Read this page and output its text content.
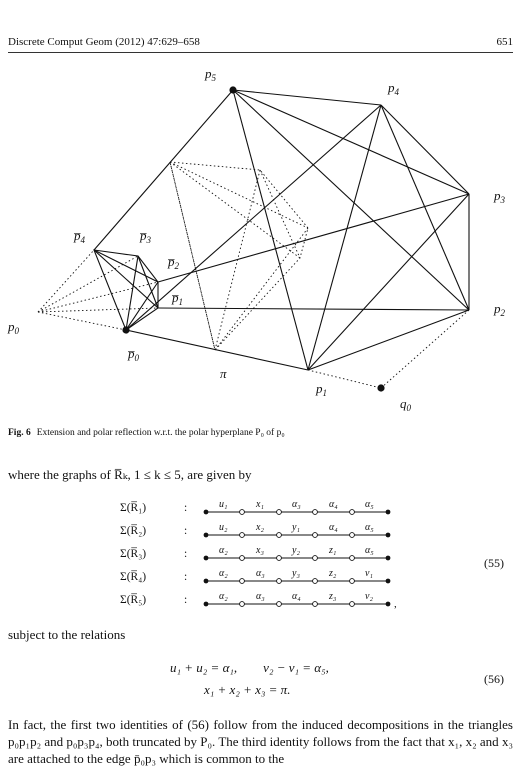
Discrete Comput Geom (2012) 47:629–658	651
$p_5$
$p_4$
$p_3$
$p_2$
$p_1$
$p_0$
$q_0$
$p̅_4$	$p̅_3$
$p̅_2$
$p̅_1$
$p̅_0$
π
Fig. 6 Extension and polar reflection w.r.t. the polar hyperplane P₀ of p₀
where the graphs of R̅ₖ, 1 ≤ k ≤ 5, are given by
Σ(R̅₁)	:	u₁	x₁	α₃	α₄	α₅
Σ(R̅₂)	:	u₂	x₂	y₁	α₄	α₅
Σ(R̅₃)	:	α₂	x₃	y₂	z₁	α₅
Σ(R̅₄)	:	α₂	α₃	y₃	z₂	v₁
Σ(R̅₅)	:	α₂	α₃	α₄	z₃	v₂
,
(55)
subject to the relations
u₁ + u₂ = α₁,        v₂ − v₁ = α₅,
x₁ + x₂ + x₃ = π.
(56)
In fact, the first two identities of (56) follow from the induced decompositions in the triangles p₀p₁p₂ and p₀p₃p₄, both truncated by P₀. The third identity follows from the fact that x₁, x₂ and x₃ are attached to the edge p̄₀p₃ which is common to the
